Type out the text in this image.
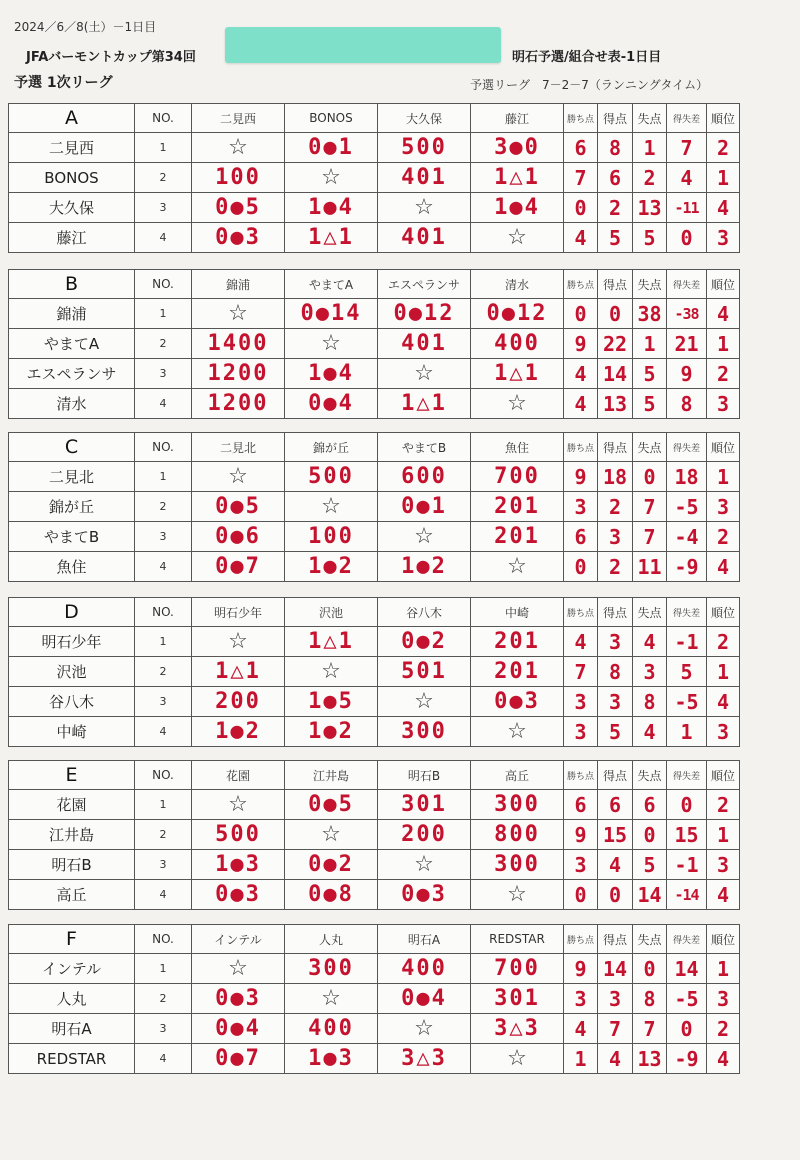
2024／6／8(土）－1日目
JFAバーモントカップ第34回	明石予選/組合せ表-1日目
予選 1次リーグ	予選リーグ　7－2－7（ランニングタイム）
A	NO.	二見西	BONOS	大久保	藤江	勝ち点	得点	失点	得失差	順位
二見西	1	☆	0●1	500	3●0	6	8	1	7	2
BONOS	2	100	☆	401	1△1	7	6	2	4	1
大久保	3	0●5	1●4	☆	1●4	0	2	13	-11	4
藤江	4	0●3	1△1	401	☆	4	5	5	0	3
B	NO.	錦浦	やまてA	エスペランサ	清水	勝ち点	得点	失点	得失差	順位
錦浦	1	☆	0●14	0●12	0●12	0	0	38	-38	4
やまてA	2	1400	☆	401	400	9	22	1	21	1
エスペランサ	3	1200	1●4	☆	1△1	4	14	5	9	2
清水	4	1200	0●4	1△1	☆	4	13	5	8	3
C	NO.	二見北	錦が丘	やまてB	魚住	勝ち点	得点	失点	得失差	順位
二見北	1	☆	500	600	700	9	18	0	18	1
錦が丘	2	0●5	☆	0●1	201	3	2	7	-5	3
やまてB	3	0●6	100	☆	201	6	3	7	-4	2
魚住	4	0●7	1●2	1●2	☆	0	2	11	-9	4
D	NO.	明石少年	沢池	谷八木	中崎	勝ち点	得点	失点	得失差	順位
明石少年	1	☆	1△1	0●2	201	4	3	4	-1	2
沢池	2	1△1	☆	501	201	7	8	3	5	1
谷八木	3	200	1●5	☆	0●3	3	3	8	-5	4
中崎	4	1●2	1●2	300	☆	3	5	4	1	3
E	NO.	花園	江井島	明石B	高丘	勝ち点	得点	失点	得失差	順位
花園	1	☆	0●5	301	300	6	6	6	0	2
江井島	2	500	☆	200	800	9	15	0	15	1
明石B	3	1●3	0●2	☆	300	3	4	5	-1	3
高丘	4	0●3	0●8	0●3	☆	0	0	14	-14	4
F	NO.	インテル	人丸	明石A	REDSTAR	勝ち点	得点	失点	得失差	順位
インテル	1	☆	300	400	700	9	14	0	14	1
人丸	2	0●3	☆	0●4	301	3	3	8	-5	3
明石A	3	0●4	400	☆	3△3	4	7	7	0	2
REDSTAR	4	0●7	1●3	3△3	☆	1	4	13	-9	4
